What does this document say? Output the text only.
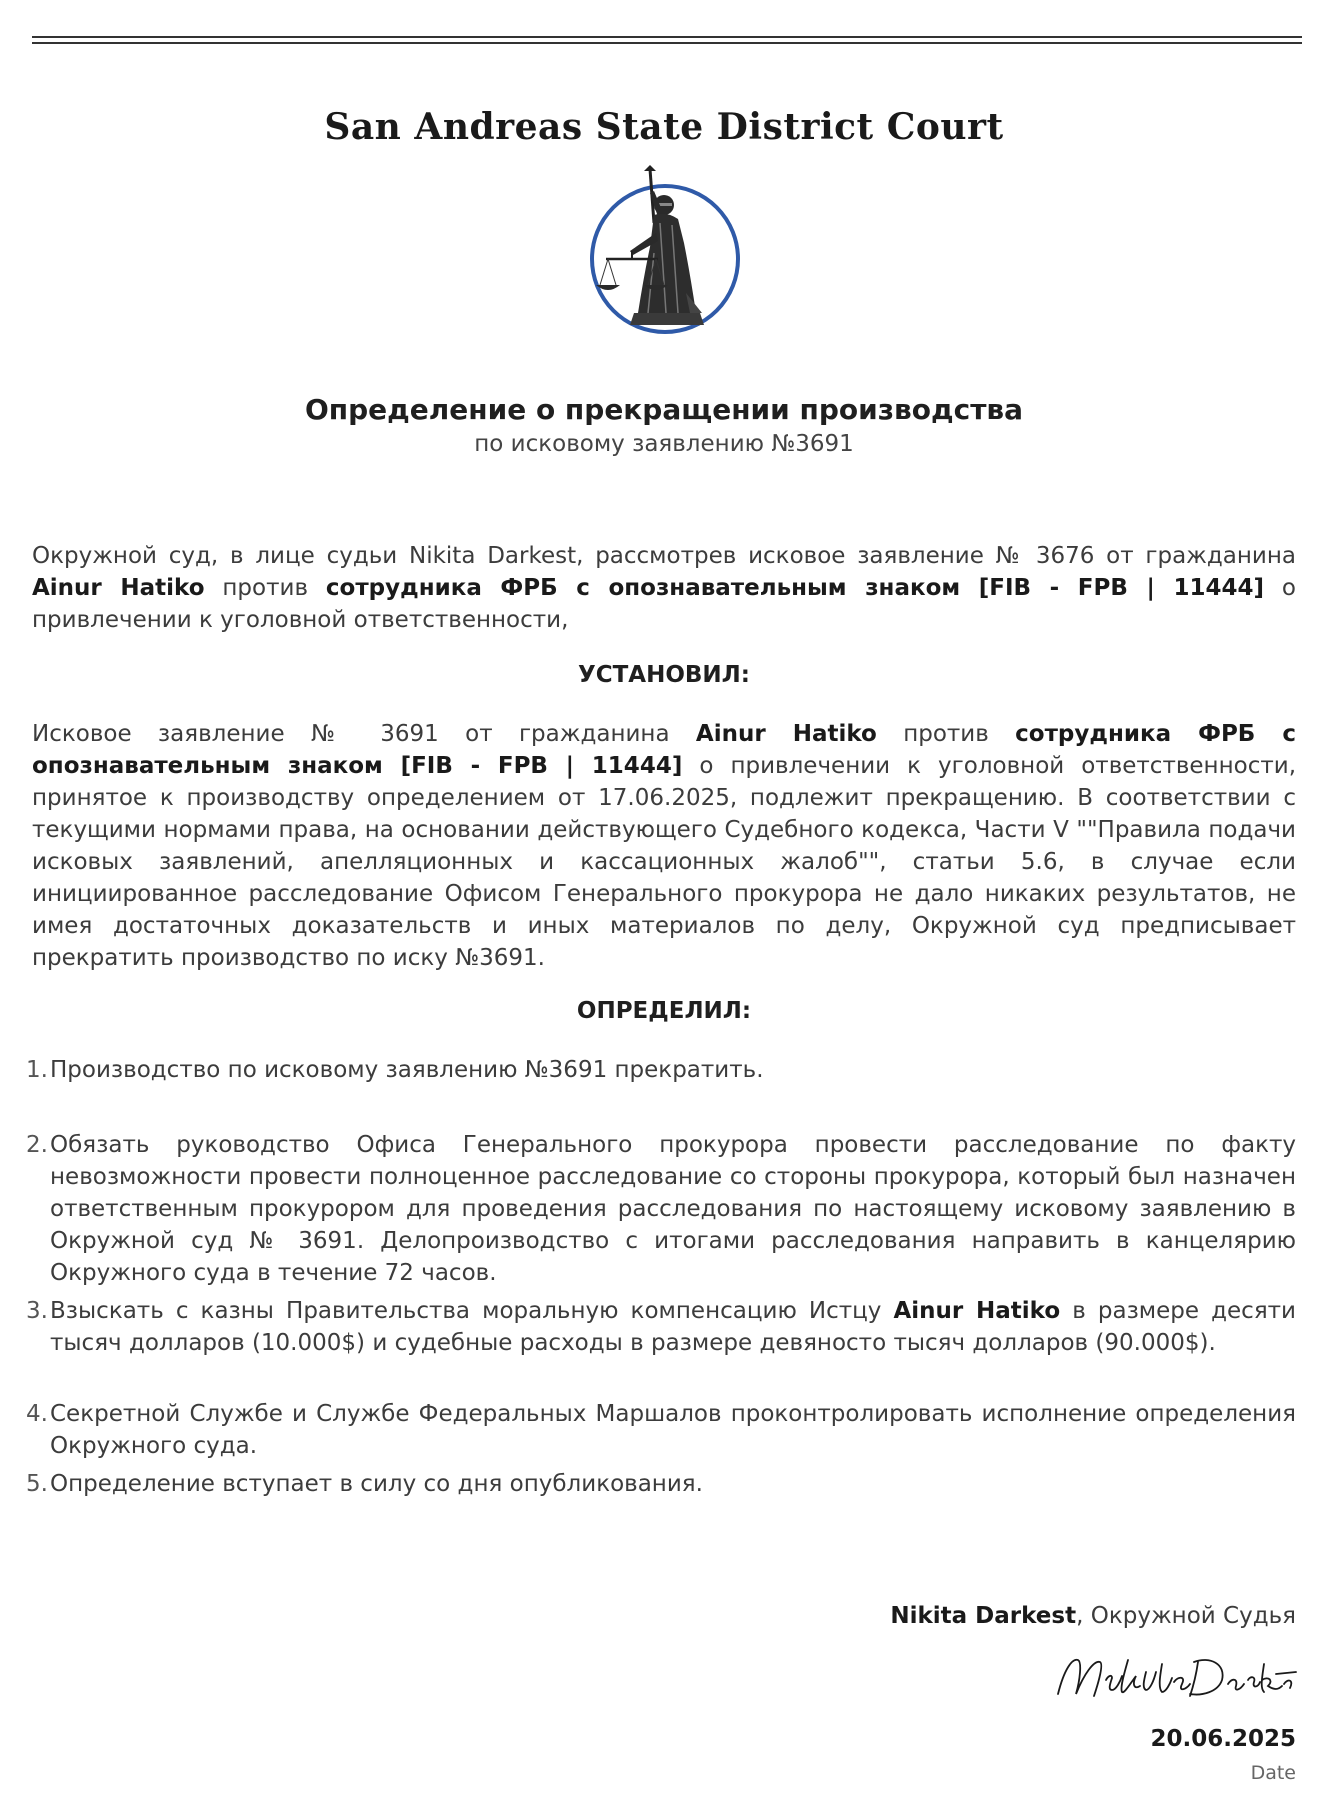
San Andreas State District Court
Определение о прекращении производства
по исковому заявлению №3691

Окружной суд, в лице судьи Nikita Darkest, рассмотрев исковое заявление № 3676 от гражданина Ainur Hatiko против сотрудника ФРБ с опознавательным знаком [FIB - FPB | 11444] о привлечении к уголовной ответственности,

УСТАНОВИЛ:

Исковое заявление № 3691 от гражданина Ainur Hatiko против сотрудника ФРБ с опознавательным знаком [FIB - FPB | 11444] о привлечении к уголовной ответственности, принятое к производству определением от 17.06.2025, подлежит прекращению. В соответствии с текущими нормами права, на основании действующего Судебного кодекса, Части V ""Правила подачи исковых заявлений, апелляционных и кассационных жалоб"", статьи 5.6, в случае если инициированное расследование Офисом Генерального прокурора не дало никаких результатов, не имея достаточных доказательств и иных материалов по делу, Окружной суд предписывает прекратить производство по иску №3691.

ОПРЕДЕЛИЛ:

1. Производство по исковому заявлению №3691 прекратить.

2. Обязать руководство Офиса Генерального прокурора провести расследование по факту невозможности провести полноценное расследование со стороны прокурора, который был назначен ответственным прокурором для проведения расследования по настоящему исковому заявлению в Окружной суд № 3691. Делопроизводство с итогами расследования направить в канцелярию Окружного суда в течение 72 часов.

3. Взыскать с казны Правительства моральную компенсацию Истцу Ainur Hatiko в размере десяти тысяч долларов (10.000$) и судебные расходы в размере девяносто тысяч долларов (90.000$).

4. Секретной Службе и Службе Федеральных Маршалов проконтролировать исполнение определения Окружного суда.

5. Определение вступает в силу со дня опубликования.

Nikita Darkest, Окружной Судья
20.06.2025
Date
